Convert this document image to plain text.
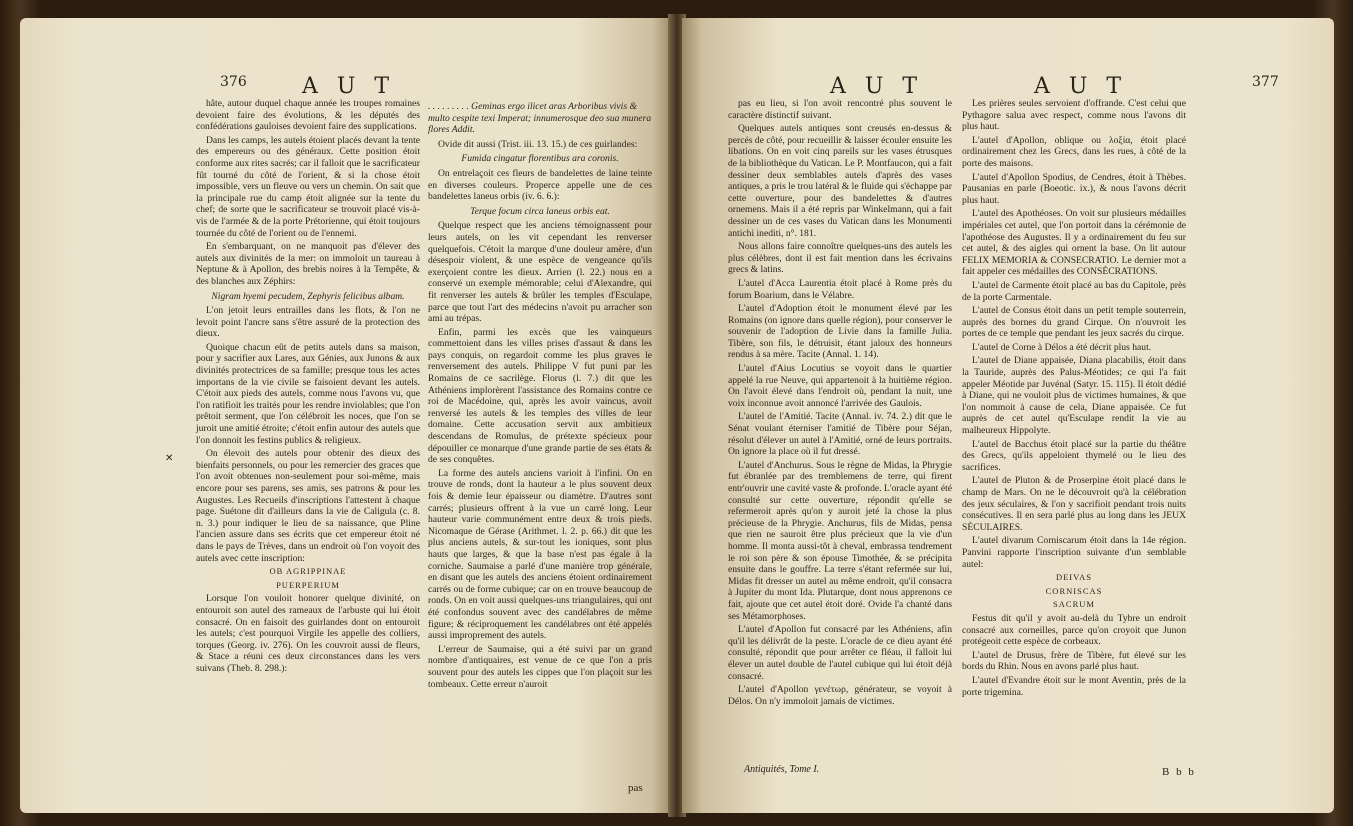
376	A U T

hâte, autour duquel chaque année les troupes romaines devoient faire des évolutions, & les députés des confédérations gauloises devoient faire des supplications.

Dans les camps, les autels étoient placés devant la tente des empereurs ou des généraux. Cette position étoit conforme aux rites sacrés; car il falloit que le sacrificateur fût tourné du côté de l'orient, & si la chose étoit impossible, vers un fleuve ou vers un chemin. On sait que la principale rue du camp étoit alignée sur la tente du chef; de sorte que le sacrificateur se trouvoit placé vis-à-vis de l'armée & de la porte Prétorienne, qui étoit toujours tournée du côté de l'orient ou de l'ennemi.

En s'embarquant, on ne manquoit pas d'élever des autels aux divinités de la mer: on immoloit un taureau à Neptune & à Apollon, des brebis noires à la Tempête, & des blanches aux Zéphirs:

Nigram hyemi pecudem, Zephyris felicibus albam.

L'on jetoit leurs entrailles dans les flots, & l'on ne levoit point l'ancre sans s'être assuré de la protection des dieux.

Quoique chacun eût de petits autels dans sa maison, pour y sacrifier aux Lares, aux Génies, aux Junons & aux divinités protectrices de sa famille; presque tous les actes importans de la vie civile se faisoient devant les autels. C'étoit aux pieds des autels, comme nous l'avons vu, que l'on ratifioit les traités pour les rendre inviolables; que l'on prêtoit serment, que l'on célébroit les noces, que l'on se juroit une amitié étroite; c'étoit enfin autour des autels que l'on donnoit les festins publics & religieux.

On élevoit des autels pour obtenir des dieux des bienfaits personnels, ou pour les remercier des graces que l'on avoit obtenues non-seulement pour soi-même, mais encore pour ses parens, ses amis, ses patrons & pour les Augustes. Les Recueils d'inscriptions l'attestent à chaque page. Suétone dit d'ailleurs dans la vie de Caligula (c. 8. n. 3.) pour indiquer le lieu de sa naissance, que Pline l'ancien assure dans ses écrits que cet empereur étoit né dans le pays de Trèves, dans un endroit où l'on voyoit des autels avec cette inscription:

OB AGRIPPINAE

PUERPERIUM

Lorsque l'on vouloit honorer quelque divinité, on entouroit son autel des rameaux de l'arbuste qui lui étoit consacré. On en faisoit des guirlandes dont on entouroit les autels; c'est pourquoi Virgile les appelle des colliers, torques (Georg. iv. 276). On les couvroit aussi de fleurs, & Stace a réuni ces deux circonstances dans les vers suivans (Theb. 8. 298.):

. . . . . . . . . Geminas ergo ilicet aras Arboribus vivis & multo cespite texi Imperat; innumerosque deo sua munera flores Addit.

Ovide dit aussi (Trist. iii. 13. 15.) de ces guirlandes:

Fumida cingatur florentibus ara coronis.

On entrelaçoit ces fleurs de bandelettes de laine teinte en diverses couleurs. Properce appelle une de ces bandelettes laneus orbis (iv. 6. 6.):

Terque focum circa laneus orbis eat.

Quelque respect que les anciens témoignassent pour leurs autels, on les vit cependant les renverser quelquefois. C'étoit la marque d'une douleur amère, d'un désespoir violent, & une espèce de vengeance qu'ils exerçoient contre les dieux. Arrien (l. 22.) nous en a conservé un exemple mémorable; celui d'Alexandre, qui fit renverser les autels & brûler les temples d'Esculape, parce que tout l'art des médecins n'avoit pu arracher son ami au trépas.

Enfin, parmi les excès que les vainqueurs commettoient dans les villes prises d'assaut & dans les pays conquis, on regardoit comme les plus graves le renversement des autels. Philippe V fut puni par les Romains de ce sacrilège. Florus (l. 7.) dit que les Athéniens implorèrent l'assistance des Romains contre ce roi de Macédoine, qui, après les avoir vaincus, avoit renversé les autels & les temples des villes de leur domaine. Cette accusation servit aux ambitieux descendans de Romulus, de prétexte spécieux pour dépouiller ce monarque d'une grande partie de ses états & de ses conquêtes.

La forme des autels anciens varioit à l'infini. On en trouve de ronds, dont la hauteur a le plus souvent deux fois & demie leur épaisseur ou diamètre. D'autres sont carrés; plusieurs offrent à la vue un carré long. Leur hauteur varie communément entre deux & trois pieds. Nicomaque de Gérase (Arithmet. l. 2. p. 66.) dit que les plus anciens autels, & sur-tout les ioniques, sont plus hauts que larges, & que la base n'est pas égale à la corniche. Saumaise a parlé d'une manière trop générale, en disant que les autels des anciens étoient ordinairement carrés ou de forme cubique; car on en trouve beaucoup de ronds. On en voit aussi quelques-uns triangulaires, qui ont été confondus souvent avec des candélabres de même figure; & réciproquement les candélabres ont été appelés aussi improprement des autels.

L'erreur de Saumaise, qui a été suivi par un grand nombre d'antiquaires, est venue de ce que l'on a pris souvent pour des autels les cippes que l'on plaçoit sur les tombeaux. Cette erreur n'auroit

pas
✕
A U T	A U T	377

pas eu lieu, si l'on avoit rencontré plus souvent le caractère distinctif suivant.

Quelques autels antiques sont creusés en-dessus & percés de côté, pour recueillir & laisser écouler ensuite les libations. On en voit cinq pareils sur les vases étrusques de la bibliothèque du Vatican. Le P. Montfaucon, qui a fait dessiner deux semblables autels d'après des vases antiques, a pris le trou latéral & le fluide qui s'échappe par cette ouverture, pour des bandelettes & d'autres ornemens. Mais il a été repris par Winkelmann, qui a fait dessiner un de ces vases du Vatican dans les Monumenti antichi inediti, n°. 181.

Nous allons faire connoître quelques-uns des autels les plus célèbres, dont il est fait mention dans les écrivains grecs & latins.

L'autel d'Acca Laurentia étoit placé à Rome près du forum Boarium, dans le Vélabre.

L'autel d'Adoption étoit le monument élevé par les Romains (on ignore dans quelle région), pour conserver le souvenir de l'adoption de Livie dans la famille Julia. Tibère, son fils, le détruisit, étant jaloux des honneurs rendus à sa mère. Tacite (Annal. 1. 14).

L'autel d'Aius Locutius se voyoit dans le quartier appelé la rue Neuve, qui appartenoit à la huitième région. On l'avoit élevé dans l'endroit où, pendant la nuit, une voix inconnue avoit annoncé l'arrivée des Gaulois.

L'autel de l'Amitié. Tacite (Annal. iv. 74. 2.) dit que le Sénat voulant éterniser l'amitié de Tibère pour Séjan, résolut d'élever un autel à l'Amitié, orné de leurs portraits. On ignore la place où il fut dressé.

L'autel d'Anchurus. Sous le règne de Midas, la Phrygie fut ébranlée par des tremblemens de terre, qui firent entr'ouvrir une cavité vaste & profonde. L'oracle ayant été consulté sur cette ouverture, répondit qu'elle se refermeroit après qu'on y auroit jeté la chose la plus précieuse de la Phrygie. Anchurus, fils de Midas, pensa que rien ne sauroit être plus précieux que la vie d'un homme. Il monta aussi-tôt à cheval, embrassa tendrement le roi son père & son épouse Timothée, & se précipita ensuite dans le gouffre. La terre s'étant refermée sur lui, Midas fit dresser un autel au même endroit, qu'il consacra à Jupiter du mont Ida. Plutarque, dont nous apprenons ce fait, ajoute que cet autel étoit doré. Ovide l'a chanté dans ses Métamorphoses.

L'autel d'Apollon fut consacré par les Athéniens, afin qu'il les délivrât de la peste. L'oracle de ce dieu ayant été consulté, répondit que pour arrêter ce fléau, il falloit lui élever un autel double de l'autel cubique qui lui étoit déjà consacré.

L'autel d'Apollon γενέτωρ, générateur, se voyoit à Délos. On n'y immoloit jamais de victimes.

Les prières seules servoient d'offrande. C'est celui que Pythagore salua avec respect, comme nous l'avons dit plus haut.

L'autel d'Apollon, oblique ou λοξία, étoit placé ordinairement chez les Grecs, dans les rues, à côté de la porte des maisons.

L'autel d'Apollon Spodius, de Cendres, étoit à Thèbes. Pausanias en parle (Boeotic. ix.), & nous l'avons décrit plus haut.

L'autel des Apothéoses. On voit sur plusieurs médailles impériales cet autel, que l'on portoit dans la cérémonie de l'apothéose des Augustes. Il y a ordinairement du feu sur cet autel, & des aigles qui ornent la base. On lit autour FELIX MEMORIA & CONSECRATIO. Le dernier mot a fait appeler ces médailles des CONSÉCRATIONS.

L'autel de Carmente étoit placé au bas du Capitole, près de la porte Carmentale.

L'autel de Consus étoit dans un petit temple souterrein, auprès des bornes du grand Cirque. On n'ouvroit les portes de ce temple que pendant les jeux sacrés du cirque.

L'autel de Corne à Délos a été décrit plus haut.

L'autel de Diane appaisée, Diana placabilis, étoit dans la Tauride, auprès des Palus-Méotides; ce qui l'a fait appeler Méotide par Juvénal (Satyr. 15. 115). Il étoit dédié à Diane, qui ne vouloit plus de victimes humaines, & que l'on nommoit à cause de cela, Diane appaisée. Ce fut auprès de cet autel qu'Esculape rendit la vie au malheureux Hippolyte.

L'autel de Bacchus étoit placé sur la partie du théâtre des Grecs, qu'ils appeloient thymelé ou le lieu des sacrifices.

L'autel de Pluton & de Proserpine étoit placé dans le champ de Mars. On ne le découvroit qu'à la célébration des jeux séculaires, & l'on y sacrifioit pendant trois nuits consécutives. Il en sera parlé plus au long dans les JEUX SÉCULAIRES.

L'autel divarum Corniscarum étoit dans la 14e région. Panvini rapporte l'inscription suivante d'un semblable autel:

DEIVAS

CORNISCAS

SACRUM

Festus dit qu'il y avoit au-delà du Tybre un endroit consacré aux corneilles, parce qu'on croyoit que Junon protégeoit cette espèce de corbeaux.

L'autel de Drusus, frère de Tibère, fut élevé sur les bords du Rhin. Nous en avons parlé plus haut.

L'autel d'Evandre étoit sur le mont Aventin, près de la porte trigemina.

Antiquités, Tome I.	B b b
